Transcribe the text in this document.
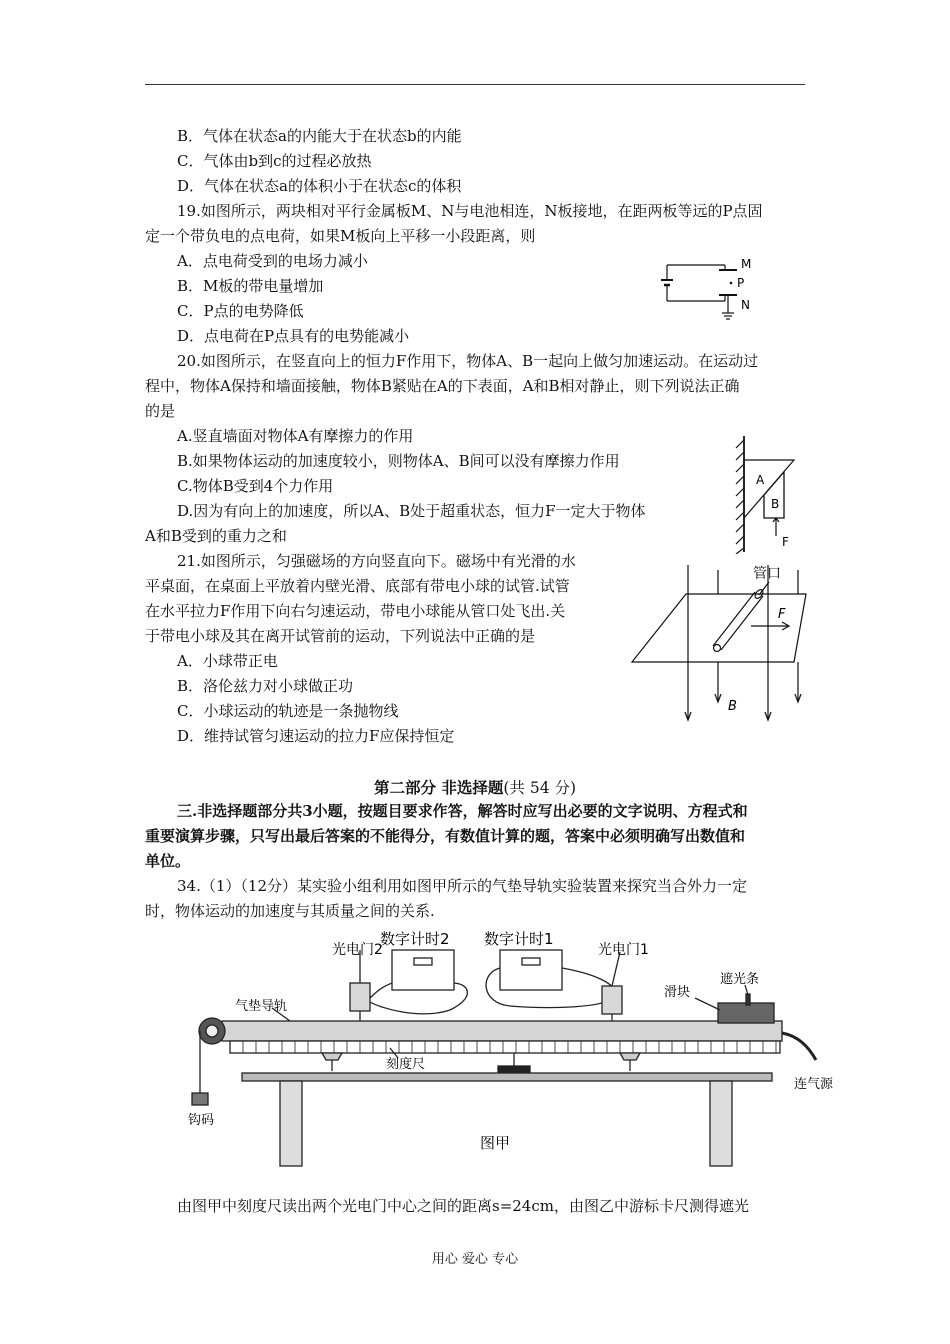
B．气体在状态a的内能大于在状态b的内能
C．气体由b到c的过程必放热
D．气体在状态a的体积小于在状态c的体积
19.如图所示，两块相对平行金属板M、N与电池相连，N板接地，在距两板等远的P点固
定一个带负电的点电荷，如果M板向上平移一小段距离，则
A．点电荷受到的电场力减小
B．M板的带电量增加
C．P点的电势降低
D．点电荷在P点具有的电势能减小
M
P
N
20.如图所示，在竖直向上的恒力F作用下，物体A、B一起向上做匀加速运动。在运动过
程中，物体A保持和墙面接触，物体B紧贴在A的下表面，A和B相对静止，则下列说法正确
的是
A.竖直墙面对物体A有摩擦力的作用
B.如果物体运动的加速度较小，则物体A、B间可以没有摩擦力作用
C.物体B受到4个力作用
D.因为有向上的加速度，所以A、B处于超重状态，恒力F一定大于物体
A和B受到的重力之和
A
B
F
21.如图所示，匀强磁场的方向竖直向下。磁场中有光滑的水
平桌面，在桌面上平放着内壁光滑、底部有带电小球的试管.试管
在水平拉力F作用下向右匀速运动，带电小球能从管口处飞出.关
于带电小球及其在离开试管前的运动，下列说法中正确的是
A．小球带正电
B．洛伦兹力对小球做正功
C．小球运动的轨迹是一条抛物线
D．维持试管匀速运动的拉力F应保持恒定
管口
F
B
第二部分 非选择题(共 54 分)
三.非选择题部分共3小题，按题目要求作答，解答时应写出必要的文字说明、方程式和
重要演算步骤，只写出最后答案的不能得分，有数值计算的题，答案中必须明确写出数值和
单位。
34.（1）（12分）某实验小组利用如图甲所示的气垫导轨实验装置来探究当合外力一定
时，物体运动的加速度与其质量之间的关系.
光电门2
数字计时2 数字计时1
光电门1
气垫导轨
滑块
遮光条
刻度尺
连气源
钩码
图甲
由图甲中刻度尺读出两个光电门中心之间的距离s=24cm，由图乙中游标卡尺测得遮光
用心 爱心 专心
